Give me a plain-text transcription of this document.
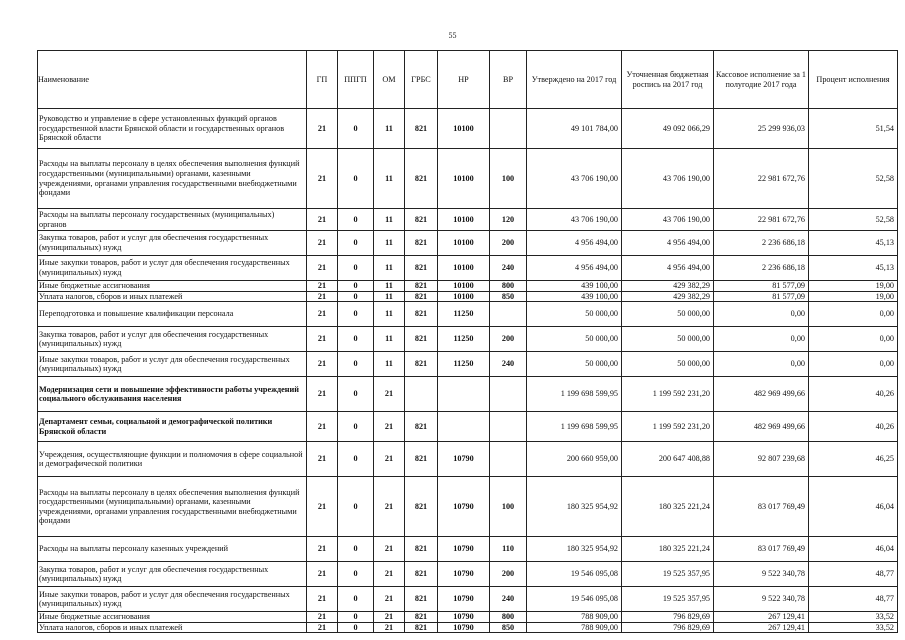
55
Наименование	ГП	ППГП	ОМ	ГРБС	НР	ВР	Утверждено на 2017 год	Уточненная бюджетная роспись на 2017 год	Кассовое исполнение за 1 полугодие 2017 года	Процент исполнения
Руководство и управление в сфере установленных функций органов государственной власти Брянской области и государственных органов Брянской области	21	0	11	821	10100		49 101 784,00	49 092 066,29	25 299 936,03	51,54
Расходы на выплаты персоналу в целях обеспечения выполнения функций государственными (муниципальными) органами, казенными учреждениями, органами управления государственными внебюджетными фондами	21	0	11	821	10100	100	43 706 190,00	43 706 190,00	22 981 672,76	52,58
Расходы на выплаты персоналу государственных (муниципальных) органов	21	0	11	821	10100	120	43 706 190,00	43 706 190,00	22 981 672,76	52,58
Закупка товаров, работ и услуг для обеспечения государственных (муниципальных) нужд	21	0	11	821	10100	200	4 956 494,00	4 956 494,00	2 236 686,18	45,13
Иные закупки товаров, работ и услуг для обеспечения государственных (муниципальных) нужд	21	0	11	821	10100	240	4 956 494,00	4 956 494,00	2 236 686,18	45,13
Иные бюджетные ассигнования	21	0	11	821	10100	800	439 100,00	429 382,29	81 577,09	19,00
Уплата налогов, сборов и иных платежей	21	0	11	821	10100	850	439 100,00	429 382,29	81 577,09	19,00
Переподготовка и повышение квалификации персонала	21	0	11	821	11250		50 000,00	50 000,00	0,00	0,00
Закупка товаров, работ и услуг для обеспечения государственных (муниципальных) нужд	21	0	11	821	11250	200	50 000,00	50 000,00	0,00	0,00
Иные закупки товаров, работ и услуг для обеспечения государственных (муниципальных) нужд	21	0	11	821	11250	240	50 000,00	50 000,00	0,00	0,00
Модернизация сети и повышение эффективности работы учреждений социального обслуживания населения	21	0	21				1 199 698 599,95	1 199 592 231,20	482 969 499,66	40,26
Департамент семьи, социальной и демографической политики Брянской области	21	0	21	821			1 199 698 599,95	1 199 592 231,20	482 969 499,66	40,26
Учреждения, осуществляющие функции и полномочия в сфере социальной и демографической политики	21	0	21	821	10790		200 660 959,00	200 647 408,88	92 807 239,68	46,25
Расходы на выплаты персоналу в целях обеспечения выполнения функций государственными (муниципальными) органами, казенными учреждениями, органами управления государственными внебюджетными фондами	21	0	21	821	10790	100	180 325 954,92	180 325 221,24	83 017 769,49	46,04
Расходы на выплаты персоналу казенных учреждений	21	0	21	821	10790	110	180 325 954,92	180 325 221,24	83 017 769,49	46,04
Закупка товаров, работ и услуг для обеспечения государственных (муниципальных) нужд	21	0	21	821	10790	200	19 546 095,08	19 525 357,95	9 522 340,78	48,77
Иные закупки товаров, работ и услуг для обеспечения государственных (муниципальных) нужд	21	0	21	821	10790	240	19 546 095,08	19 525 357,95	9 522 340,78	48,77
Иные бюджетные ассигнования	21	0	21	821	10790	800	788 909,00	796 829,69	267 129,41	33,52
Уплата налогов, сборов и иных платежей	21	0	21	821	10790	850	788 909,00	796 829,69	267 129,41	33,52
